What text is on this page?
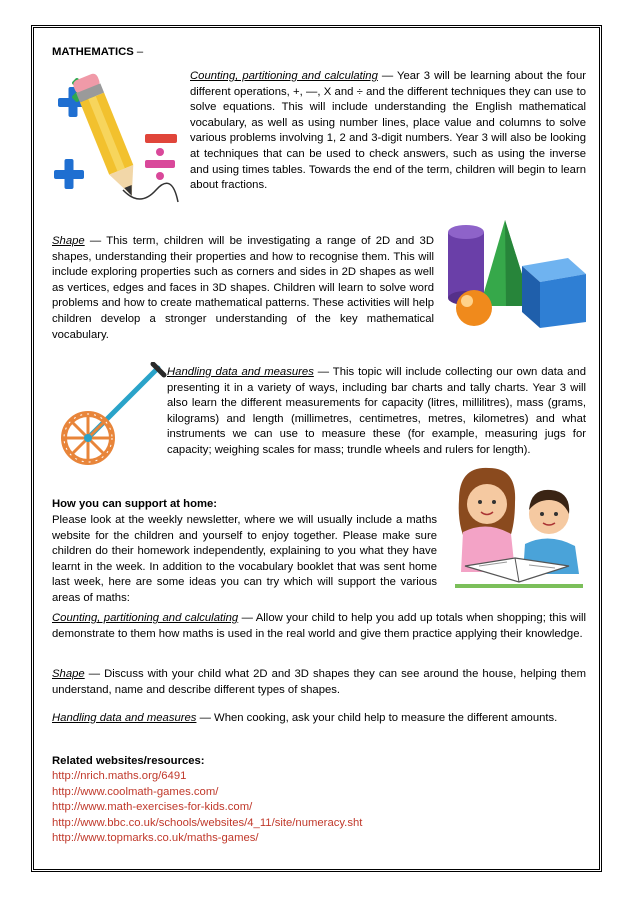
MATHEMATICS –
Counting, partitioning and calculating — Year 3 will be learning about the four different operations, +, —, X and ÷ and the different techniques they can use to solve equations. This will include understanding the English mathematical vocabulary, as well as using number lines, place value and columns to solve various problems involving 1, 2 and 3-digit numbers. Year 3 will also be looking at techniques that can be used to check answers, such as using the inverse and using times tables. Towards the end of the term, children will begin to learn about fractions.
Shape — This term, children will be investigating a range of 2D and 3D shapes, understanding their properties and how to recognise them. This will include exploring properties such as corners and sides in 2D shapes as well as vertices, edges and faces in 3D shapes. Children will learn to solve word problems and how to create mathematical patterns. These activities will help children develop a stronger understanding of the key mathematical vocabulary.
Handling data and measures — This topic will include collecting our own data and presenting it in a variety of ways, including bar charts and tally charts. Year 3 will also learn the different measurements for capacity (litres, millilitres), mass (grams, kilograms) and length (millimetres, centimetres, metres, kilometres) and what instruments we can use to measure these (for example, measuring jugs for capacity; weighing scales for mass; trundle wheels and rulers for length).
How you can support at home:
Please look at the weekly newsletter, where we will usually include a maths website for the children and yourself to enjoy together. Please make sure children do their homework independently, explaining to you what they have learnt in the week. In addition to the vocabulary booklet that was sent home last week, here are some ideas you can try which will support the various areas of maths:
Counting, partitioning and calculating — Allow your child to help you add up totals when shopping; this will demonstrate to them how maths is used in the real world and give them practice applying their knowledge.
Shape — Discuss with your child what 2D and 3D shapes they can see around the house, helping them understand, name and describe different types of shapes.
Handling data and measures — When cooking, ask your child help to measure the different amounts.
Related websites/resources:
http://nrich.maths.org/6491
http://www.coolmath-games.com/
http://www.math-exercises-for-kids.com/
http://www.bbc.co.uk/schools/websites/4_11/site/numeracy.sht
http://www.topmarks.co.uk/maths-games/
